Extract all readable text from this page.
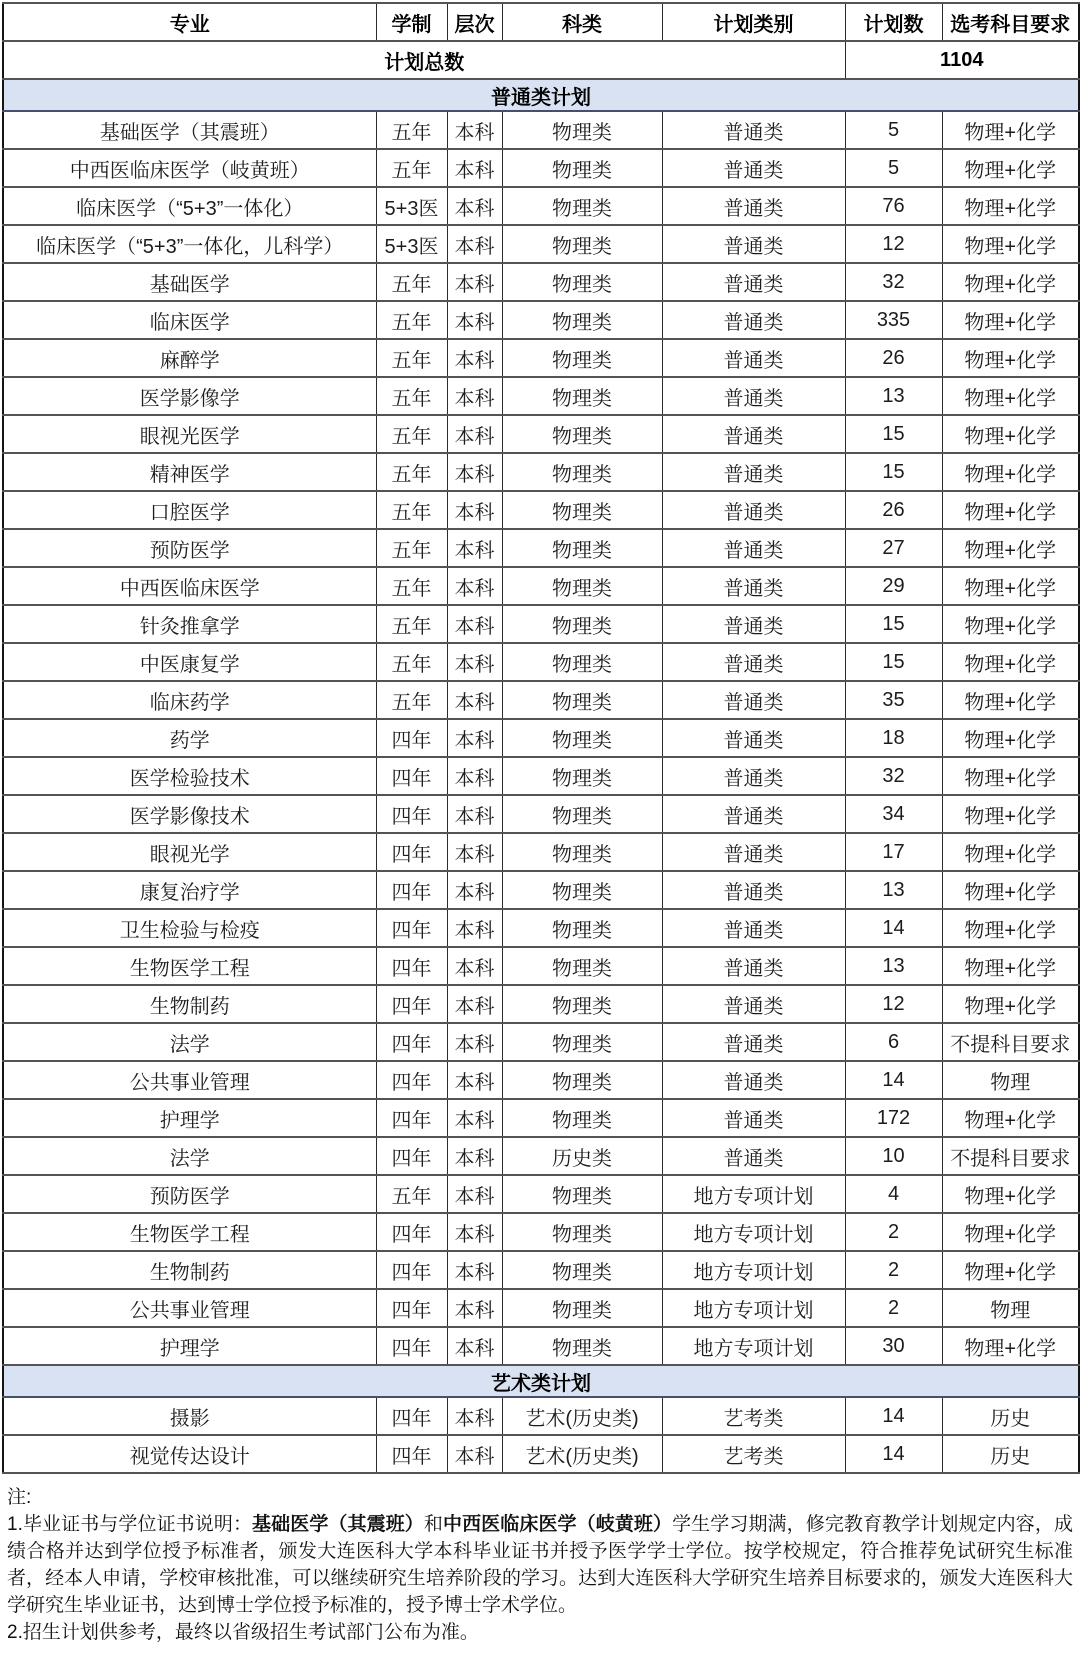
专业	学制	层次	科类	计划类别	计划数	选考科目要求
计划总数					1104	
普通类计划						
基础医学（其震班）	五年	本科	物理类	普通类	5	物理+化学
中西医临床医学（岐黄班）	五年	本科	物理类	普通类	5	物理+化学
临床医学（“5+3”一体化）	5+3医	本科	物理类	普通类	76	物理+化学
临床医学（“5+3”一体化，儿科学）	5+3医	本科	物理类	普通类	12	物理+化学
基础医学	五年	本科	物理类	普通类	32	物理+化学
临床医学	五年	本科	物理类	普通类	335	物理+化学
麻醉学	五年	本科	物理类	普通类	26	物理+化学
医学影像学	五年	本科	物理类	普通类	13	物理+化学
眼视光医学	五年	本科	物理类	普通类	15	物理+化学
精神医学	五年	本科	物理类	普通类	15	物理+化学
口腔医学	五年	本科	物理类	普通类	26	物理+化学
预防医学	五年	本科	物理类	普通类	27	物理+化学
中西医临床医学	五年	本科	物理类	普通类	29	物理+化学
针灸推拿学	五年	本科	物理类	普通类	15	物理+化学
中医康复学	五年	本科	物理类	普通类	15	物理+化学
临床药学	五年	本科	物理类	普通类	35	物理+化学
药学	四年	本科	物理类	普通类	18	物理+化学
医学检验技术	四年	本科	物理类	普通类	32	物理+化学
医学影像技术	四年	本科	物理类	普通类	34	物理+化学
眼视光学	四年	本科	物理类	普通类	17	物理+化学
康复治疗学	四年	本科	物理类	普通类	13	物理+化学
卫生检验与检疫	四年	本科	物理类	普通类	14	物理+化学
生物医学工程	四年	本科	物理类	普通类	13	物理+化学
生物制药	四年	本科	物理类	普通类	12	物理+化学
法学	四年	本科	物理类	普通类	6	不提科目要求
公共事业管理	四年	本科	物理类	普通类	14	物理
护理学	四年	本科	物理类	普通类	172	物理+化学
法学	四年	本科	历史类	普通类	10	不提科目要求
预防医学	五年	本科	物理类	地方专项计划	4	物理+化学
生物医学工程	四年	本科	物理类	地方专项计划	2	物理+化学
生物制药	四年	本科	物理类	地方专项计划	2	物理+化学
公共事业管理	四年	本科	物理类	地方专项计划	2	物理
护理学	四年	本科	物理类	地方专项计划	30	物理+化学
艺术类计划						
摄影	四年	本科	艺术(历史类)	艺考类	14	历史
视觉传达设计	四年	本科	艺术(历史类)	艺考类	14	历史

注:

1.毕业证书与学位证书说明：基础医学（其震班）和中西医临床医学（岐黄班）学生学习期满，修完教育教学计划规定内容，成绩合格并达到学位授予标准者，颁发大连医科大学本科毕业证书并授予医学学士学位。按学校规定，符合推荐免试研究生标准者，经本人申请，学校审核批准，可以继续研究生培养阶段的学习。达到大连医科大学研究生培养目标要求的，颁发大连医科大学研究生毕业证书，达到博士学位授予标准的，授予博士学术学位。

2.招生计划供参考，最终以省级招生考试部门公布为准。
